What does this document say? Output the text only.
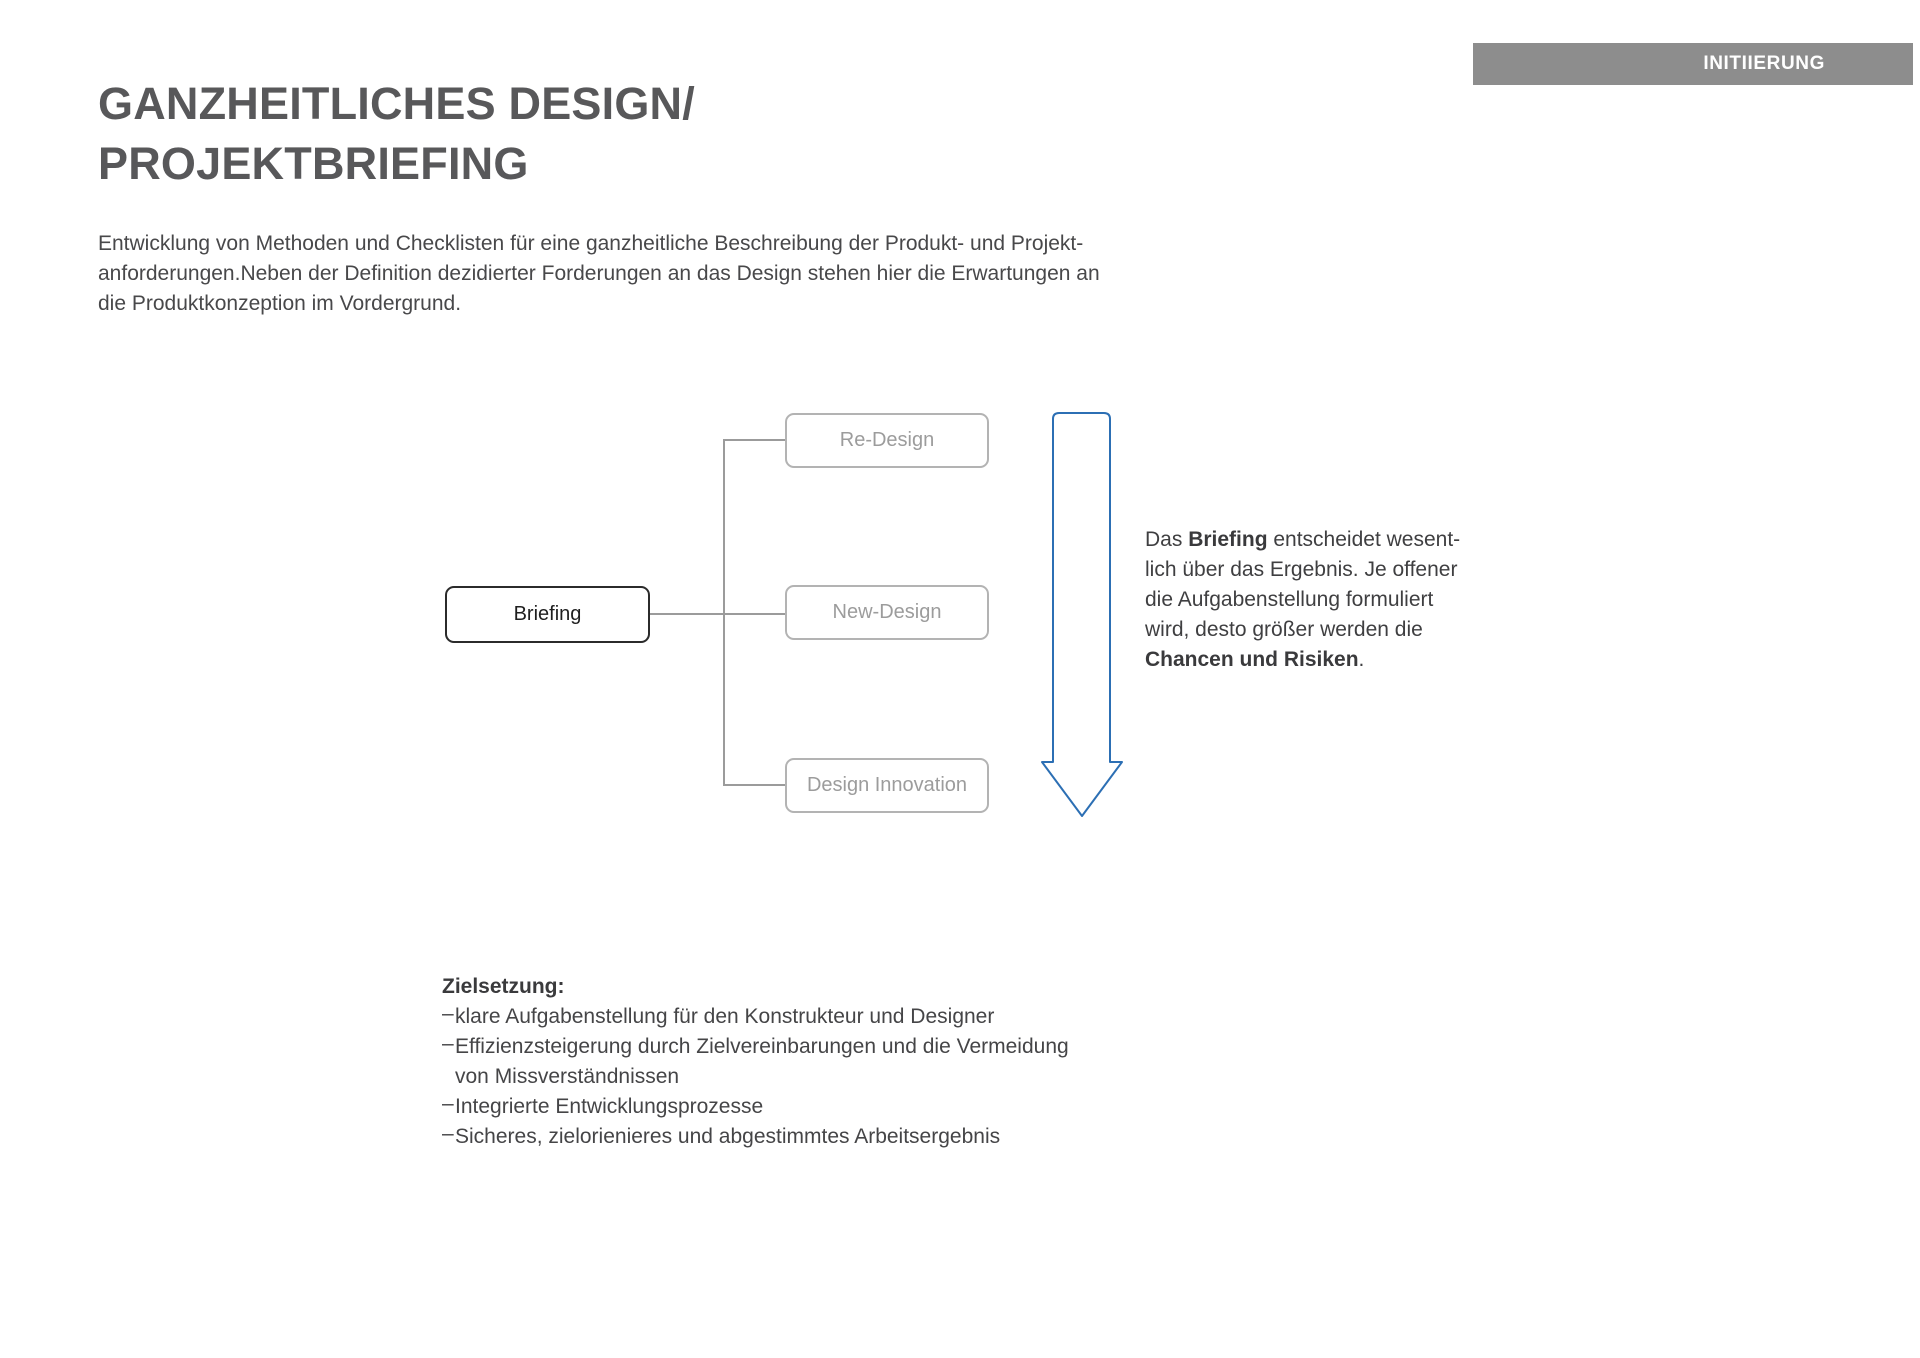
INITIIERUNG
GANZHEITLICHES DESIGN/
PROJEKTBRIEFING
Entwicklung von Methoden und Checklisten für eine ganzheitliche Beschreibung der Produkt- und Projekt-
anforderungen.Neben der Definition dezidierter Forderungen an das Design stehen hier die Erwartungen an
die Produktkonzeption im Vordergrund.
Briefing
Re-Design
New-Design
Design Innovation
Das Briefing entscheidet wesent-
lich über das Ergebnis. Je offener
die Aufgabenstellung formuliert
wird, desto größer werden die
Chancen und Risiken.
Zielsetzung:
– klare Aufgabenstellung für den Konstrukteur und Designer
– Effizienzsteigerung durch Zielvereinbarungen und die Vermeidung
von Missverständnissen
– Integrierte Entwicklungsprozesse
– Sicheres, zielorienieres und abgestimmtes Arbeitsergebnis
